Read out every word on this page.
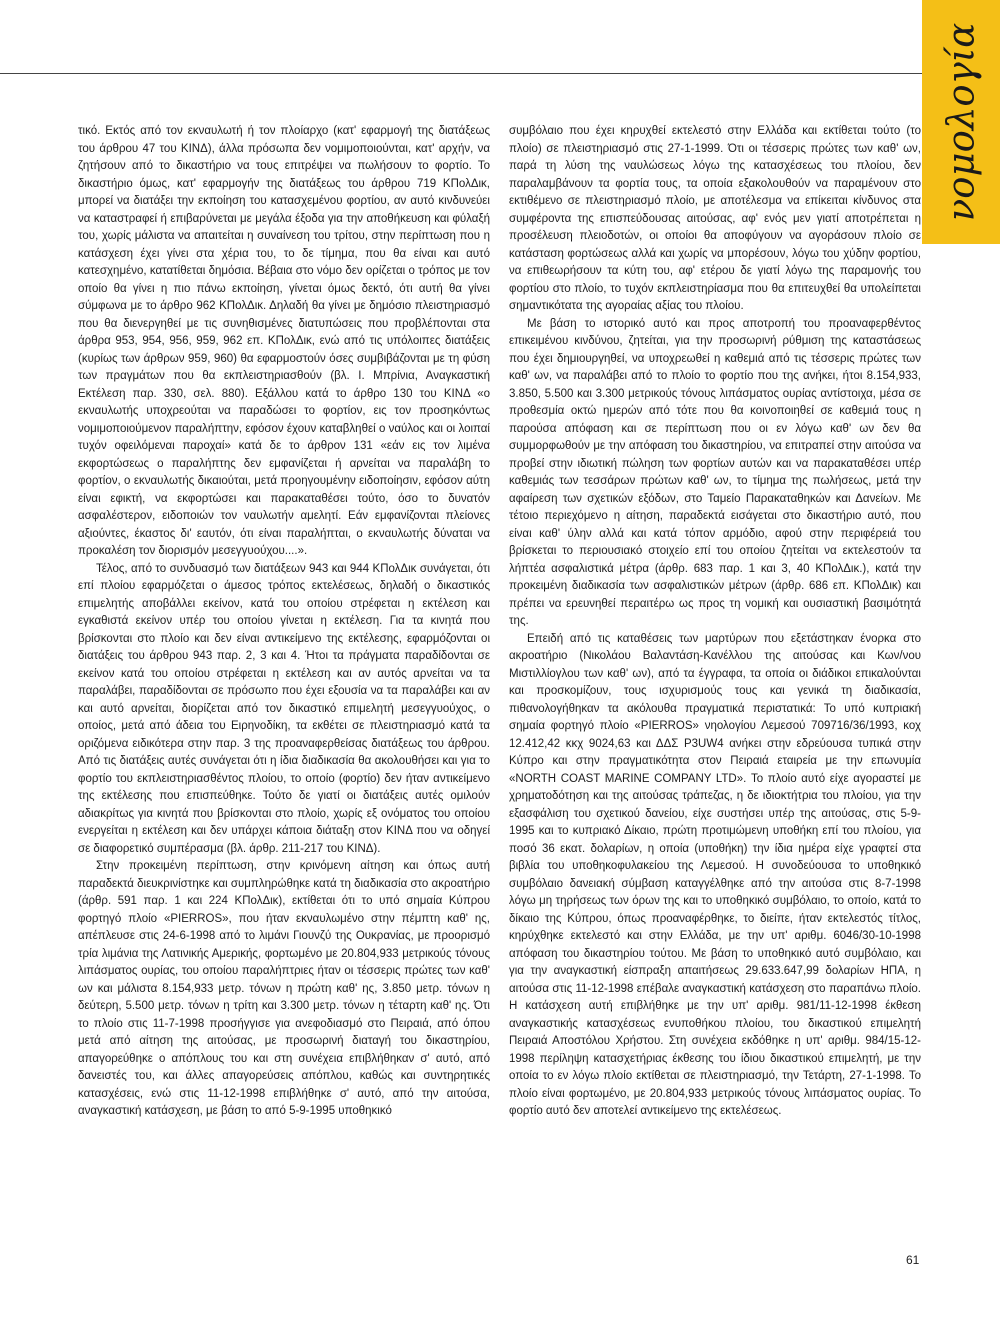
νομολογία

τικό. Εκτός από τον εκναυλωτή ή τον πλοίαρχο (κατ' εφαρμογή της διατάξεως του άρθρου 47 του ΚΙΝΔ), άλλα πρόσωπα δεν νομιμοποιούνται, κατ' αρχήν, να ζητήσουν από το δικαστήριο να τους επιτρέψει να πωλήσουν το φορτίο. Το δικαστήριο όμως, κατ' εφαρμογήν της διατάξεως του άρθρου 719 ΚΠολΔικ, μπορεί να διατάξει την εκποίηση του κατασχεμένου φορτίου, αν αυτό κινδυνεύει να καταστραφεί ή επιβαρύνεται με μεγάλα έξοδα για την αποθήκευση και φύλαξή του, χωρίς μάλιστα να απαιτείται η συναίνεση του τρίτου, στην περίπτωση που η κατάσχεση έχει γίνει στα χέρια του, το δε τίμημα, που θα είναι και αυτό κατεσχημένο, κατατίθεται δημόσια. Βέβαια στο νόμο δεν ορίζεται ο τρόπος με τον οποίο θα γίνει η πιο πάνω εκποίηση, γίνεται όμως δεκτό, ότι αυτή θα γίνει σύμφωνα με το άρθρο 962 ΚΠολΔικ. Δηλαδή θα γίνει με δημόσιο πλειστηριασμό που θα διενεργηθεί με τις συνηθισμένες διατυπώσεις που προβλέπονται στα άρθρα 953, 954, 956, 959, 962 επ. ΚΠολΔικ, ενώ από τις υπόλοιπες διατάξεις (κυρίως των άρθρων 959, 960) θα εφαρμοστούν όσες συμβιβάζονται με τη φύση των πραγμάτων που θα εκπλειστηριασθούν (βλ. Ι. Μπρίνια, Αναγκαστική Εκτέλεση παρ. 330, σελ. 880). Εξάλλου κατά το άρθρο 130 του ΚΙΝΔ «ο εκναυλωτής υποχρεούται να παραδώσει το φορτίον, εις τον προσηκόντως νομιμοποιούμενον παραλήπτην, εφόσον έχουν καταβληθεί ο ναύλος και οι λοιπαί τυχόν οφειλόμεναι παροχαί» κατά δε το άρθρον 131 «εάν εις τον λιμένα εκφορτώσεως ο παραλήπτης δεν εμφανίζεται ή αρνείται να παραλάβη το φορτίον, ο εκναυλωτής δικαιούται, μετά προηγουμένην ειδοποίησιν, εφόσον αύτη είναι εφικτή, να εκφορτώσει και παρακαταθέσει τούτο, όσο το δυνατόν ασφαλέστερον, ειδοποιών τον ναυλωτήν αμελητί. Εάν εμφανίζονται πλείονες αξιούντες, έκαστος δι' εαυτόν, ότι είναι παραλήπται, ο εκναυλωτής δύναται να προκαλέση τον διορισμόν μεσεγγυούχου....».

Τέλος, από το συνδυασμό των διατάξεων 943 και 944 ΚΠολΔικ συνάγεται, ότι επί πλοίου εφαρμόζεται ο άμεσος τρόπος εκτελέσεως, δηλαδή ο δικαστικός επιμελητής αποβάλλει εκείνον, κατά του οποίου στρέφεται η εκτέλεση και εγκαθιστά εκείνον υπέρ του οποίου γίνεται η εκτέλεση. Για τα κινητά που βρίσκονται στο πλοίο και δεν είναι αντικείμενο της εκτέλεσης, εφαρμόζονται οι διατάξεις του άρθρου 943 παρ. 2, 3 και 4. Ήτοι τα πράγματα παραδίδονται σε εκείνον κατά του οποίου στρέφεται η εκτέλεση και αν αυτός αρνείται να τα παραλάβει, παραδίδονται σε πρόσωπο που έχει εξουσία να τα παραλάβει και αν και αυτό αρνείται, διορίζεται από τον δικαστικό επιμελητή μεσεγγυούχος, ο οποίος, μετά από άδεια του Ειρηνοδίκη, τα εκθέτει σε πλειστηριασμό κατά τα οριζόμενα ειδικότερα στην παρ. 3 της προαναφερθείσας διατάξεως του άρθρου. Από τις διατάξεις αυτές συνάγεται ότι η ίδια διαδικασία θα ακολουθήσει και για το φορτίο του εκπλειστηριασθέντος πλοίου, το οποίο (φορτίο) δεν ήταν αντικείμενο της εκτέλεσης που επισπεύθηκε. Τούτο δε γιατί οι διατάξεις αυτές ομιλούν αδιακρίτως για κινητά που βρίσκονται στο πλοίο, χωρίς εξ ονόματος του οποίου ενεργείται η εκτέλεση και δεν υπάρχει κάποια διάταξη στον ΚΙΝΔ που να οδηγεί σε διαφορετικό συμπέρασμα (βλ. άρθρ. 211-217 του ΚΙΝΔ).

Στην προκειμένη περίπτωση, στην κρινόμενη αίτηση και όπως αυτή παραδεκτά διευκρινίστηκε και συμπληρώθηκε κατά τη διαδικασία στο ακροατήριο (άρθρ. 591 παρ. 1 και 224 ΚΠολΔικ), εκτίθεται ότι το υπό σημαία Κύπρου φορτηγό πλοίο «PIERROS», που ήταν εκναυλωμένο στην πέμπτη καθ' ης, απέπλευσε στις 24-6-1998 από το λιμάνι Γιουνζύ της Ουκρανίας, με προορισμό τρία λιμάνια της Λατινικής Αμερικής, φορτωμένο με 20.804,933 μετρικούς τόνους λιπάσματος ουρίας, του οποίου παραλήπτριες ήταν οι τέσσερις πρώτες των καθ' ων και μάλιστα 8.154,933 μετρ. τόνων η πρώτη καθ' ης, 3.850 μετρ. τόνων η δεύτερη, 5.500 μετρ. τόνων η τρίτη και 3.300 μετρ. τόνων η τέταρτη καθ' ης. Ότι το πλοίο στις 11-7-1998 προσήγγισε για ανεφοδιασμό στο Πειραιά, από όπου μετά από αίτηση της αιτούσας, με προσωρινή διαταγή του δικαστηρίου, απαγορεύθηκε ο απόπλους του και στη συνέχεια επιβλήθηκαν σ' αυτό, από δανειστές του, και άλλες απαγορεύσεις απόπλου, καθώς και συντηρητικές κατασχέσεις, ενώ στις 11-12-1998 επιβλήθηκε σ' αυτό, από την αιτούσα, αναγκαστική κατάσχεση, με βάση το από 5-9-1995 υποθηκικό

συμβόλαιο που έχει κηρυχθεί εκτελεστό στην Ελλάδα και εκτίθεται τούτο (το πλοίο) σε πλειστηριασμό στις 27-1-1999. Ότι οι τέσσερις πρώτες των καθ' ων, παρά τη λύση της ναυλώσεως λόγω της κατασχέσεως του πλοίου, δεν παραλαμβάνουν τα φορτία τους, τα οποία εξακολουθούν να παραμένουν στο εκτιθέμενο σε πλειστηριασμό πλοίο, με αποτέλεσμα να επίκειται κίνδυνος στα συμφέροντα της επισπεύδουσας αιτούσας, αφ' ενός μεν γιατί αποτρέπεται η προσέλευση πλειοδοτών, οι οποίοι θα αποφύγουν να αγοράσουν πλοίο σε κατάσταση φορτώσεως αλλά και χωρίς να μπορέσουν, λόγω του χύδην φορτίου, να επιθεωρήσουν τα κύτη του, αφ' ετέρου δε γιατί λόγω της παραμονής του φορτίου στο πλοίο, το τυχόν εκπλειστηρίασμα που θα επιτευχθεί θα υπολείπεται σημαντικότατα της αγοραίας αξίας του πλοίου.

Με βάση το ιστορικό αυτό και προς αποτροπή του προαναφερθέντος επικειμένου κινδύνου, ζητείται, για την προσωρινή ρύθμιση της καταστάσεως που έχει δημιουργηθεί, να υποχρεωθεί η καθεμιά από τις τέσσερις πρώτες των καθ' ων, να παραλάβει από το πλοίο το φορτίο που της ανήκει, ήτοι 8.154,933, 3.850, 5.500 και 3.300 μετρικούς τόνους λιπάσματος ουρίας αντίστοιχα, μέσα σε προθεσμία οκτώ ημερών από τότε που θα κοινοποιηθεί σε καθεμιά τους η παρούσα απόφαση και σε περίπτωση που οι εν λόγω καθ' ων δεν θα συμμορφωθούν με την απόφαση του δικαστηρίου, να επιτραπεί στην αιτούσα να προβεί στην ιδιωτική πώληση των φορτίων αυτών και να παρακαταθέσει υπέρ καθεμιάς των τεσσάρων πρώτων καθ' ων, το τίμημα της πωλήσεως, μετά την αφαίρεση των σχετικών εξόδων, στο Ταμείο Παρακαταθηκών και Δανείων. Με τέτοιο περιεχόμενο η αίτηση, παραδεκτά εισάγεται στο δικαστήριο αυτό, που είναι καθ' ύλην αλλά και κατά τόπον αρμόδιο, αφού στην περιφέρειά του βρίσκεται το περιουσιακό στοιχείο επί του οποίου ζητείται να εκτελεστούν τα λήπτέα ασφαλιστικά μέτρα (άρθρ. 683 παρ. 1 και 3, 40 ΚΠολΔικ.), κατά την προκειμένη διαδικασία των ασφαλιστικών μέτρων (άρθρ. 686 επ. ΚΠολΔικ) και πρέπει να ερευνηθεί περαιτέρω ως προς τη νομική και ουσιαστική βασιμότητά της.

Επειδή από τις καταθέσεις των μαρτύρων που εξετάστηκαν ένορκα στο ακροατήριο (Νικολάου Βαλαντάση-Κανέλλου της αιτούσας και Κων/νου Μιστιλλίογλου των καθ' ων), από τα έγγραφα, τα οποία οι διάδικοι επικαλούνται και προσκομίζουν, τους ισχυρισμούς τους και γενικά τη διαδικασία, πιθανολογήθηκαν τα ακόλουθα πραγματικά περιστατικά: Το υπό κυπριακή σημαία φορτηγό πλοίο «PIERROS» νηολογίου Λεμεσού 709716/36/1993, κοχ 12.412,42 κκχ 9024,63 και ΔΔΣ P3UW4 ανήκει στην εδρεύουσα τυπικά στην Κύπρο και στην πραγματικότητα στον Πειραιά εταιρεία με την επωνυμία «NORTH COAST MARINE COMPANY LTD». Το πλοίο αυτό είχε αγοραστεί με χρηματοδότηση και της αιτούσας τράπεζας, η δε ιδιοκτήτρια του πλοίου, για την εξασφάλιση του σχετικού δανείου, είχε συστήσει υπέρ της αιτούσας, στις 5-9-1995 και το κυπριακό Δίκαιο, πρώτη προτιμώμενη υποθήκη επί του πλοίου, για ποσό 36 εκατ. δολαρίων, η οποία (υποθήκη) την ίδια ημέρα είχε γραφτεί στα βιβλία του υποθηκοφυλακείου της Λεμεσού. Η συνοδεύουσα το υποθηκικό συμβόλαιο δανειακή σύμβαση καταγγέλθηκε από την αιτούσα στις 8-7-1998 λόγω μη τηρήσεως των όρων της και το υποθηκικό συμβόλαιο, το οποίο, κατά το δίκαιο της Κύπρου, όπως προαναφέρθηκε, το διείπε, ήταν εκτελεστός τίτλος, κηρύχθηκε εκτελεστό και στην Ελλάδα, με την υπ' αριθμ. 6046/30-10-1998 απόφαση του δικαστηρίου τούτου. Με βάση το υποθηκικό αυτό συμβόλαιο, και για την αναγκαστική είσπραξη απαιτήσεως 29.633.647,99 δολαρίων ΗΠΑ, η αιτούσα στις 11-12-1998 επέβαλε αναγκαστική κατάσχεση στο παραπάνω πλοίο. Η κατάσχεση αυτή επιβλήθηκε με την υπ' αριθμ. 981/11-12-1998 έκθεση αναγκαστικής κατασχέσεως ενυποθήκου πλοίου, του δικαστικού επιμελητή Πειραιά Αποστόλου Χρήστου. Στη συνέχεια εκδόθηκε η υπ' αριθμ. 984/15-12-1998 περίληψη κατασχετήριας έκθεσης του ίδιου δικαστικού επιμελητή, με την οποία το εν λόγω πλοίο εκτίθεται σε πλειστηριασμό, την Τετάρτη, 27-1-1998. Το πλοίο είναι φορτωμένο, με 20.804,933 μετρικούς τόνους λιπάσματος ουρίας. Το φορτίο αυτό δεν αποτελεί αντικείμενο της εκτελέσεως.

61
